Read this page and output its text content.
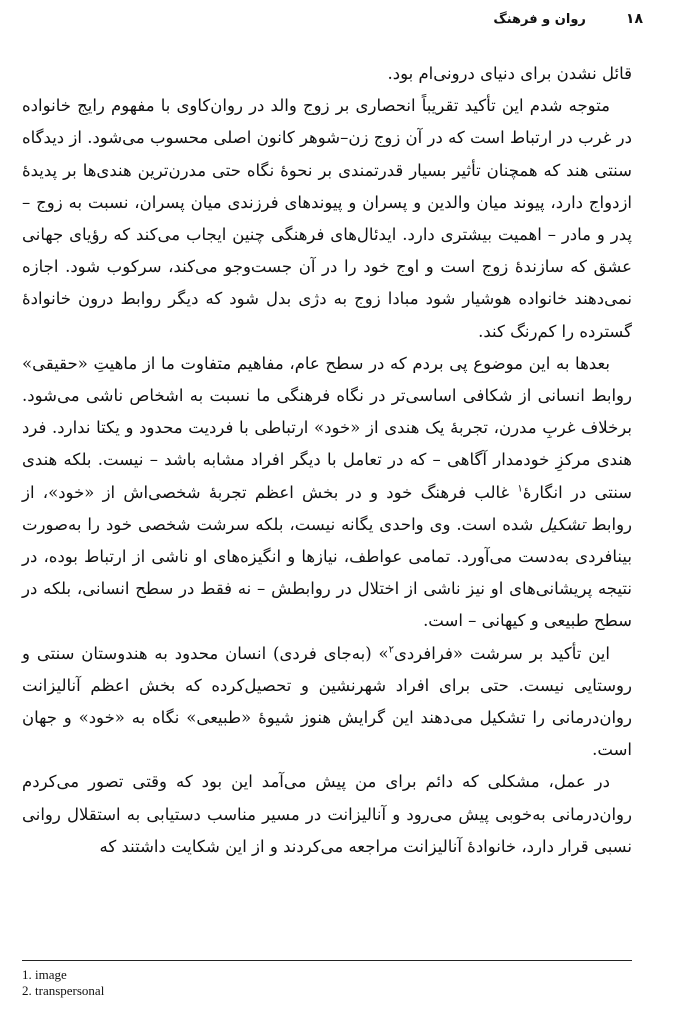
۱۸
روان و فرهنگ

قائل نشدن برای دنیای درونی‌ام بود.

متوجه شدم این تأکید تقریباً انحصاری بر زوج والد در روان‌کاوی با مفهوم رایج خانواده در غرب در ارتباط است که در آن زوج زن–شوهر کانون اصلی محسوب می‌شود. از دیدگاه سنتی هند که همچنان تأثیر بسیار قدرتمندی بر نحوهٔ نگاه حتی مدرن‌ترین هندی‌ها بر پدیدهٔ ازدواج دارد، پیوند میان والدین و پسران و پیوندهای فرزندی میان پسران، نسبت به زوج – پدر و مادر – اهمیت بیشتری دارد. ایدئال‌های فرهنگی چنین ایجاب می‌کند که رؤیای جهانی عشق که سازندهٔ زوج است و اوج خود را در آن جست‌وجو می‌کند، سرکوب شود. اجازه نمی‌دهند خانواده هوشیار شود مبادا زوج به دژی بدل شود که دیگر روابط درون خانوادهٔ گسترده را کم‌رنگ کند.

بعدها به این موضوع پی بردم که در سطح عام، مفاهیم متفاوت ما از ماهیتِ «حقیقی» روابط انسانی از شکافی اساسی‌تر در نگاه فرهنگی ما نسبت به اشخاص ناشی می‌شود. برخلاف غربِ مدرن، تجربهٔ یک هندی از «خود» ارتباطی با فردیت محدود و یکتا ندارد. فرد هندی مرکزِ خودمدار آگاهی – که در تعامل با دیگر افراد مشابه باشد – نیست. بلکه هندی سنتی در انگارهٔ$^۱$ غالب فرهنگ خود و در بخش اعظم تجربهٔ شخصی‌اش از «خود»، از روابط تشکیل شده است. وی واحدی یگانه نیست، بلکه سرشت شخصی خود را به‌صورت بینافردی به‌دست می‌آورد. تمامی عواطف، نیازها و انگیزه‌های او ناشی از ارتباط بوده، در نتیجه پریشانی‌های او نیز ناشی از اختلال در روابطش – نه فقط در سطح انسانی، بلکه در سطح طبیعی و کیهانی – است.

این تأکید بر سرشت «فرافردی$^۲$» (به‌جای فردی) انسان محدود به هندوستان سنتی و روستایی نیست. حتی برای افراد شهرنشین و تحصیل‌کرده که بخش اعظم آنالیزانت روان‌درمانی را تشکیل می‌دهند این گرایش هنوز شیوهٔ «طبیعی» نگاه به «خود» و جهان است.

در عمل، مشکلی که دائم برای من پیش می‌آمد این بود که وقتی تصور می‌کردم روان‌درمانی به‌خوبی پیش می‌رود و آنالیزانت در مسیر مناسب دستیابی به استقلال روانی نسبی قرار دارد، خانوادهٔ آنالیزانت مراجعه می‌کردند و از این شکایت داشتند که

1. image
2. transpersonal
